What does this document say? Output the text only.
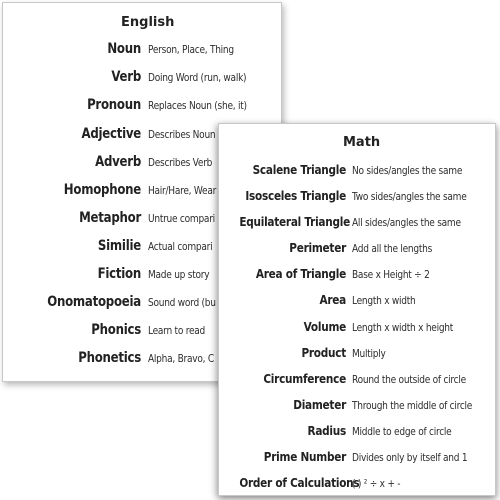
English
Noun Person, Place, Thing
Verb Doing Word (run, walk)
Pronoun Replaces Noun (she, it)
Adjective Describes Noun
Adverb Describes Verb
Homophone Hair/Hare, Wear
Metaphor Untrue compari
Similie Actual compari
Fiction Made up story
Onomatopoeia Sound word (bu
Phonics Learn to read
Phonetics Alpha, Bravo, C
Math
Scalene Triangle No sides/angles the same
Isosceles Triangle Two sides/angles the same
Equilateral Triangle All sides/angles the same
Perimeter Add all the lengths
Area of Triangle Base x Height ÷ 2
Area Length x width
Volume Length x width x height
Product Multiply
Circumference Round the outside of circle
Diameter Through the middle of circle
Radius Middle to edge of circle
Prime Number Divides only by itself and 1
Order of Calculations
( ) ² ÷ x + -
